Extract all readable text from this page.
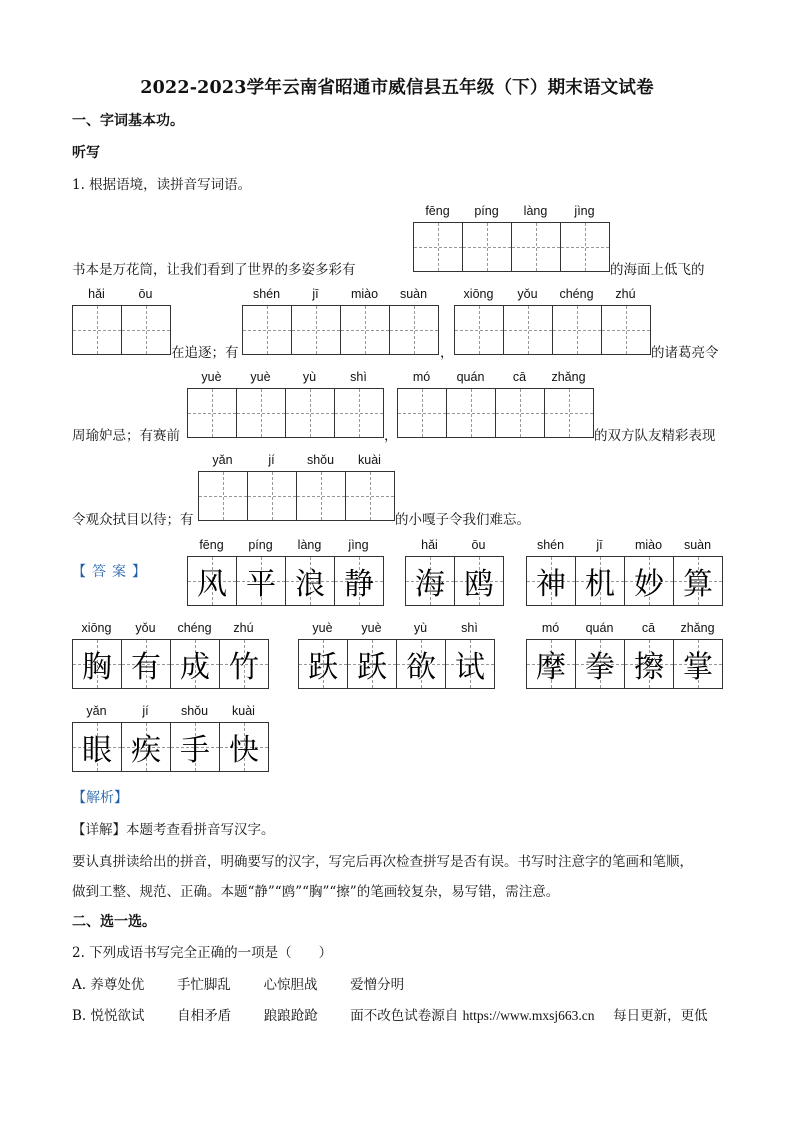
2022-2023学年云南省昭通市威信县五年级（下）期末语文试卷
一、字词基本功。
听写
1. 根据语境，读拼音写词语。
fēng	píng	làng	jìng
书本是万花筒，让我们看到了世界的多姿多彩有	的海面上低飞的
hǎi	ōu
在追逐；有
shén	jī	miào	suàn
，
xiōng	yǒu	chéng	zhú
的诸葛亮令
周瑜妒忌；有赛前
yuè	yuè	yù	shì
，
mó	quán	cā	zhǎng
的双方队友精彩表现
令观众拭目以待；有
yǎn	jí	shǒu	kuài
的小嘎子令我们难忘。
【答案】
fēng	píng	làng	jìng
风 平 浪 静
hǎi	ōu
海 鸥
shén	jī	miào	suàn
神 机 妙 算
xiōng	yǒu	chéng	zhú
胸 有 成 竹
yuè	yuè	yù	shì
跃 跃 欲 试
mó	quán	cā	zhǎng
摩 拳 擦 掌
yǎn	jí	shǒu	kuài
眼 疾 手 快
【解析】
【详解】本题考查看拼音写汉字。
要认真拼读给出的拼音，明确要写的汉字，写完后再次检查拼写是否有误。书写时注意字的笔画和笔顺，
做到工整、规范、正确。本题“静”“鸥”“胸”“擦”的笔画较复杂，易写错，需注意。
二、选一选。
2. 下列成语书写完全正确的一项是（　　）
A. 养尊处优 手忙脚乱 心惊胆战 爱憎分明
B. 悦悦欲试 自相矛盾 踉踉跄跄 面不改色试卷源自 https://www.mxsj663.cn 每日更新，更低
